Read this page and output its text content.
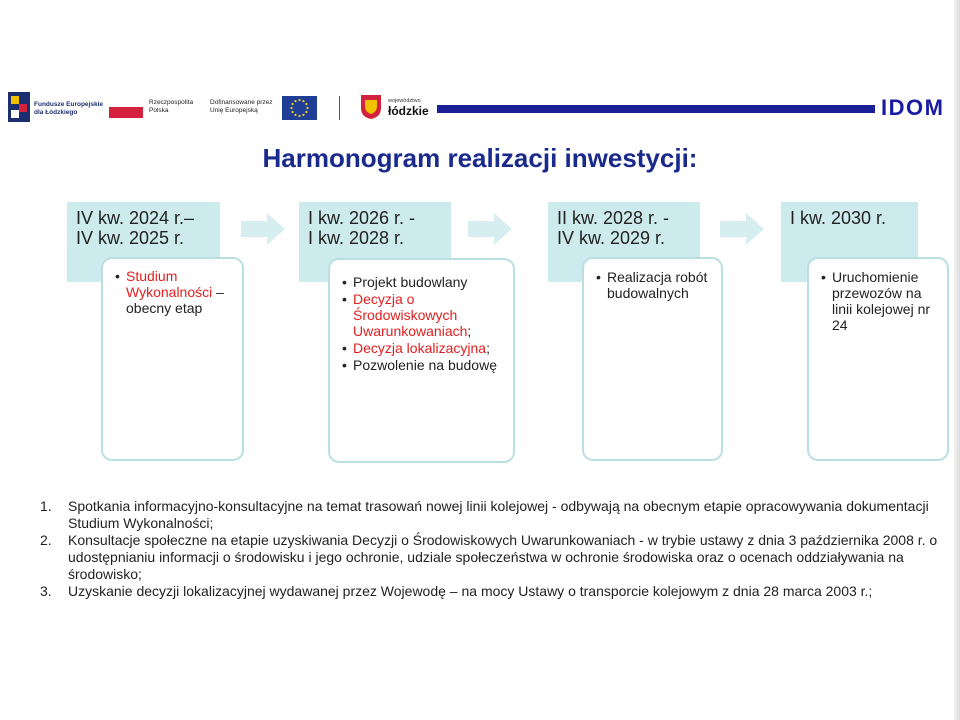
Fundusze Europejskie
dla Łódzkiego
Rzeczpospolita
Polska
Dofinansowane przez
Unię Europejską
województwo
łódzkie	IDOM
Harmonogram realizacji inwestycji:
IV kw. 2024 r.–
IV kw. 2025 r.
• Studium Wykonalności – obecny etap
I kw. 2026 r. -
I kw. 2028 r.
• Projekt budowlany
• Decyzja o Środowiskowych Uwarunkowaniach;
• Decyzja lokalizacyjna;
• Pozwolenie na budowę
II kw. 2028 r. -
IV kw. 2029 r.
• Realizacja robót budowalnych
I kw. 2030 r.
• Uruchomienie przewozów na linii kolejowej nr 24
1. Spotkania informacyjno-konsultacyjne na temat trasowań nowej linii kolejowej - odbywają na obecnym etapie opracowywania dokumentacji Studium Wykonalności;
2. Konsultacje społeczne na etapie uzyskiwania Decyzji o Środowiskowych Uwarunkowaniach - w trybie ustawy z dnia 3 października 2008 r. o udostępnianiu informacji o środowisku i jego ochronie, udziale społeczeństwa w ochronie środowiska oraz o ocenach oddziaływania na środowisko;
3. Uzyskanie decyzji lokalizacyjnej wydawanej przez Wojewodę – na mocy Ustawy o transporcie kolejowym z dnia 28 marca 2003 r.;
